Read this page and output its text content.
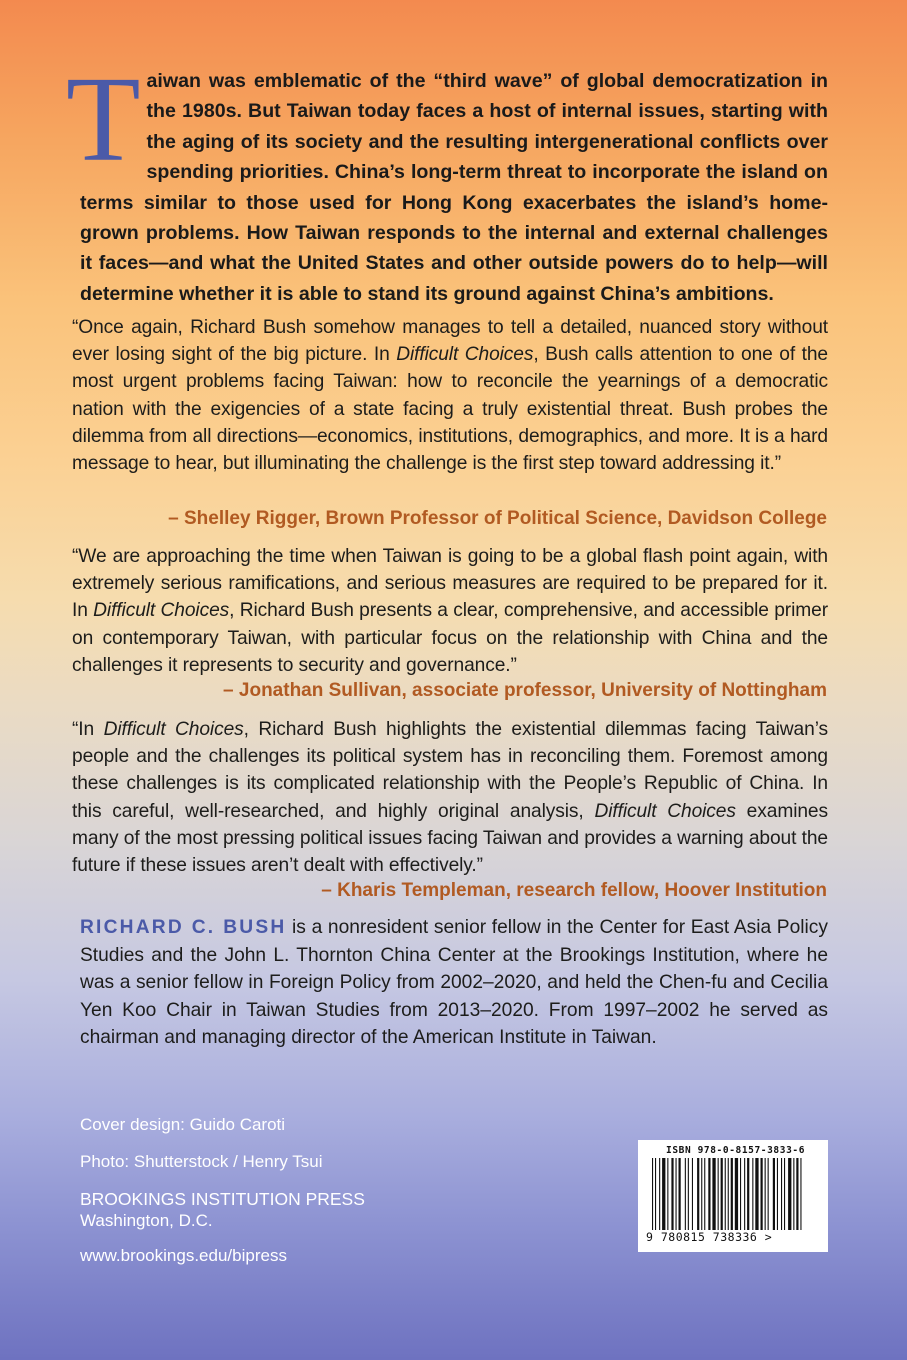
Taiwan was emblematic of the “third wave” of global democratization in the 1980s. But Taiwan today faces a host of internal issues, starting with the aging of its society and the resulting intergenerational conflicts over spending priorities. China’s long-term threat to incorporate the island on terms similar to those used for Hong Kong exacerbates the island’s home-grown problems. How Taiwan responds to the internal and external challenges it faces—and what the United States and other outside powers do to help—will determine whether it is able to stand its ground against China’s ambitions.
“Once again, Richard Bush somehow manages to tell a detailed, nuanced story without ever losing sight of the big picture. In Difficult Choices, Bush calls attention to one of the most urgent problems facing Taiwan: how to reconcile the yearnings of a democratic nation with the exigencies of a state facing a truly existential threat. Bush probes the dilemma from all directions—economics, institutions, demographics, and more. It is a hard message to hear, but illuminating the challenge is the first step toward addressing it.”
– Shelley Rigger, Brown Professor of Political Science, Davidson College
“We are approaching the time when Taiwan is going to be a global flash point again, with extremely serious ramifications, and serious measures are required to be prepared for it. In Difficult Choices, Richard Bush presents a clear, comprehensive, and accessible primer on contemporary Taiwan, with particular focus on the relationship with China and the challenges it represents to security and governance.”
– Jonathan Sullivan, associate professor, University of Nottingham
“In Difficult Choices, Richard Bush highlights the existential dilemmas facing Taiwan’s people and the challenges its political system has in reconciling them. Foremost among these challenges is its complicated relationship with the People’s Republic of China. In this careful, well-researched, and highly original analysis, Difficult Choices examines many of the most pressing political issues facing Taiwan and provides a warning about the future if these issues aren’t dealt with effectively.”
– Kharis Templeman, research fellow, Hoover Institution
RICHARD C. BUSH is a nonresident senior fellow in the Center for East Asia Policy Studies and the John L. Thornton China Center at the Brookings Institution, where he was a senior fellow in Foreign Policy from 2002–2020, and held the Chen-fu and Cecilia Yen Koo Chair in Taiwan Studies from 2013–2020. From 1997–2002 he served as chairman and managing director of the American Institute in Taiwan.
Cover design: Guido Caroti
Photo: Shutterstock / Henry Tsui
BROOKINGS INSTITUTION PRESS
Washington, D.C.
www.brookings.edu/bipress
ISBN 978-0-8157-3833-6
9 780815 738336 >
